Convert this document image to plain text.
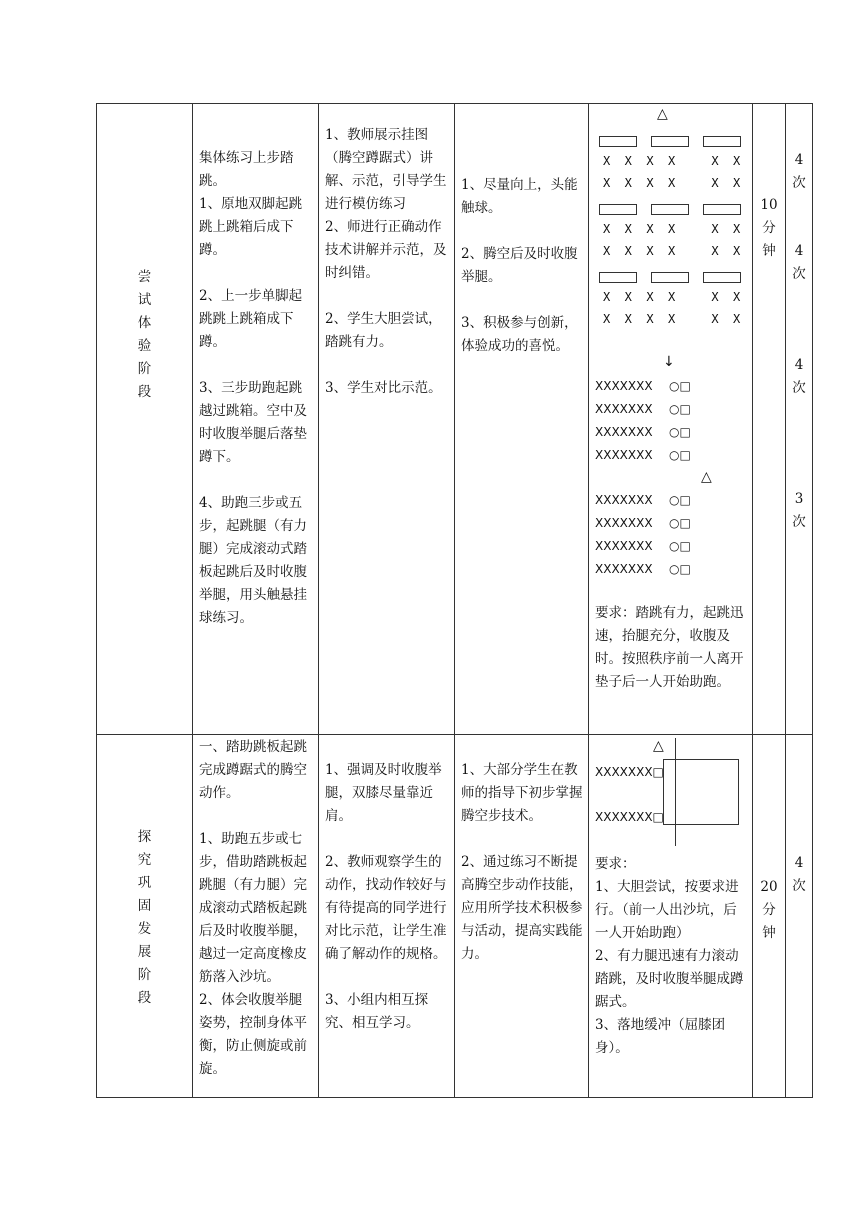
尝
试
体
验
阶
段

集体练习上步踏跳。
1、原地双脚起跳跳上跳箱后成下蹲。

2、上一步单脚起跳跳上跳箱成下蹲。

3、三步助跑起跳越过跳箱。空中及时收腹举腿后落垫蹲下。

4、助跑三步或五步，起跳腿（有力腿）完成滚动式踏板起跳后及时收腹举腿，用头触悬挂球练习。

1、教师展示挂图（腾空蹲踞式）讲解、示范，引导学生进行模仿练习
2、师进行正确动作技术讲解并示范，及时纠错。

2、学生大胆尝试，踏跳有力。

3、学生对比示范。

1、尽量向上，头能触球。

2、腾空后及时收腹举腿。

3、积极参与创新，体验成功的喜悦。

△
X  X  X  X     X  X
X  X  X  X     X  X
X  X  X  X     X  X
X  X  X  X     X  X
X  X  X  X     X  X
X  X  X  X     X  X
↓
XXXXXXX ○□
XXXXXXX ○□
XXXXXXX ○□
XXXXXXX ○□
△
XXXXXXX ○□
XXXXXXX ○□
XXXXXXX ○□
XXXXXXX ○□

要求：踏跳有力，起跳迅速，抬腿充分，收腹及时。按照秩序前一人离开垫子后一人开始助跑。

10
分
钟

4
次

4
次

4
次

3
次

探
究
巩
固
发
展
阶
段

一、踏助跳板起跳完成蹲踞式的腾空动作。

1、助跑五步或七步，借助踏跳板起跳腿（有力腿）完成滚动式踏板起跳后及时收腹举腿，越过一定高度橡皮筋落入沙坑。
2、体会收腹举腿姿势，控制身体平衡，防止侧旋或前旋。

1、强调及时收腹举腿，双膝尽量靠近肩。

2、教师观察学生的动作，找动作较好与有待提高的同学进行对比示范，让学生准确了解动作的规格。

3、小组内相互探究、相互学习。

1、大部分学生在教师的指导下初步掌握腾空步技术。

2、通过练习不断提高腾空步动作技能，应用所学技术积极参与活动，提高实践能力。

△
XXXXXXX□
XXXXXXX□

要求：
1、大胆尝试，按要求进行。（前一人出沙坑，后一人开始助跑）
2、有力腿迅速有力滚动踏跳，及时收腹举腿成蹲踞式。
3、落地缓冲（屈膝团身）。

20
分
钟

4
次
